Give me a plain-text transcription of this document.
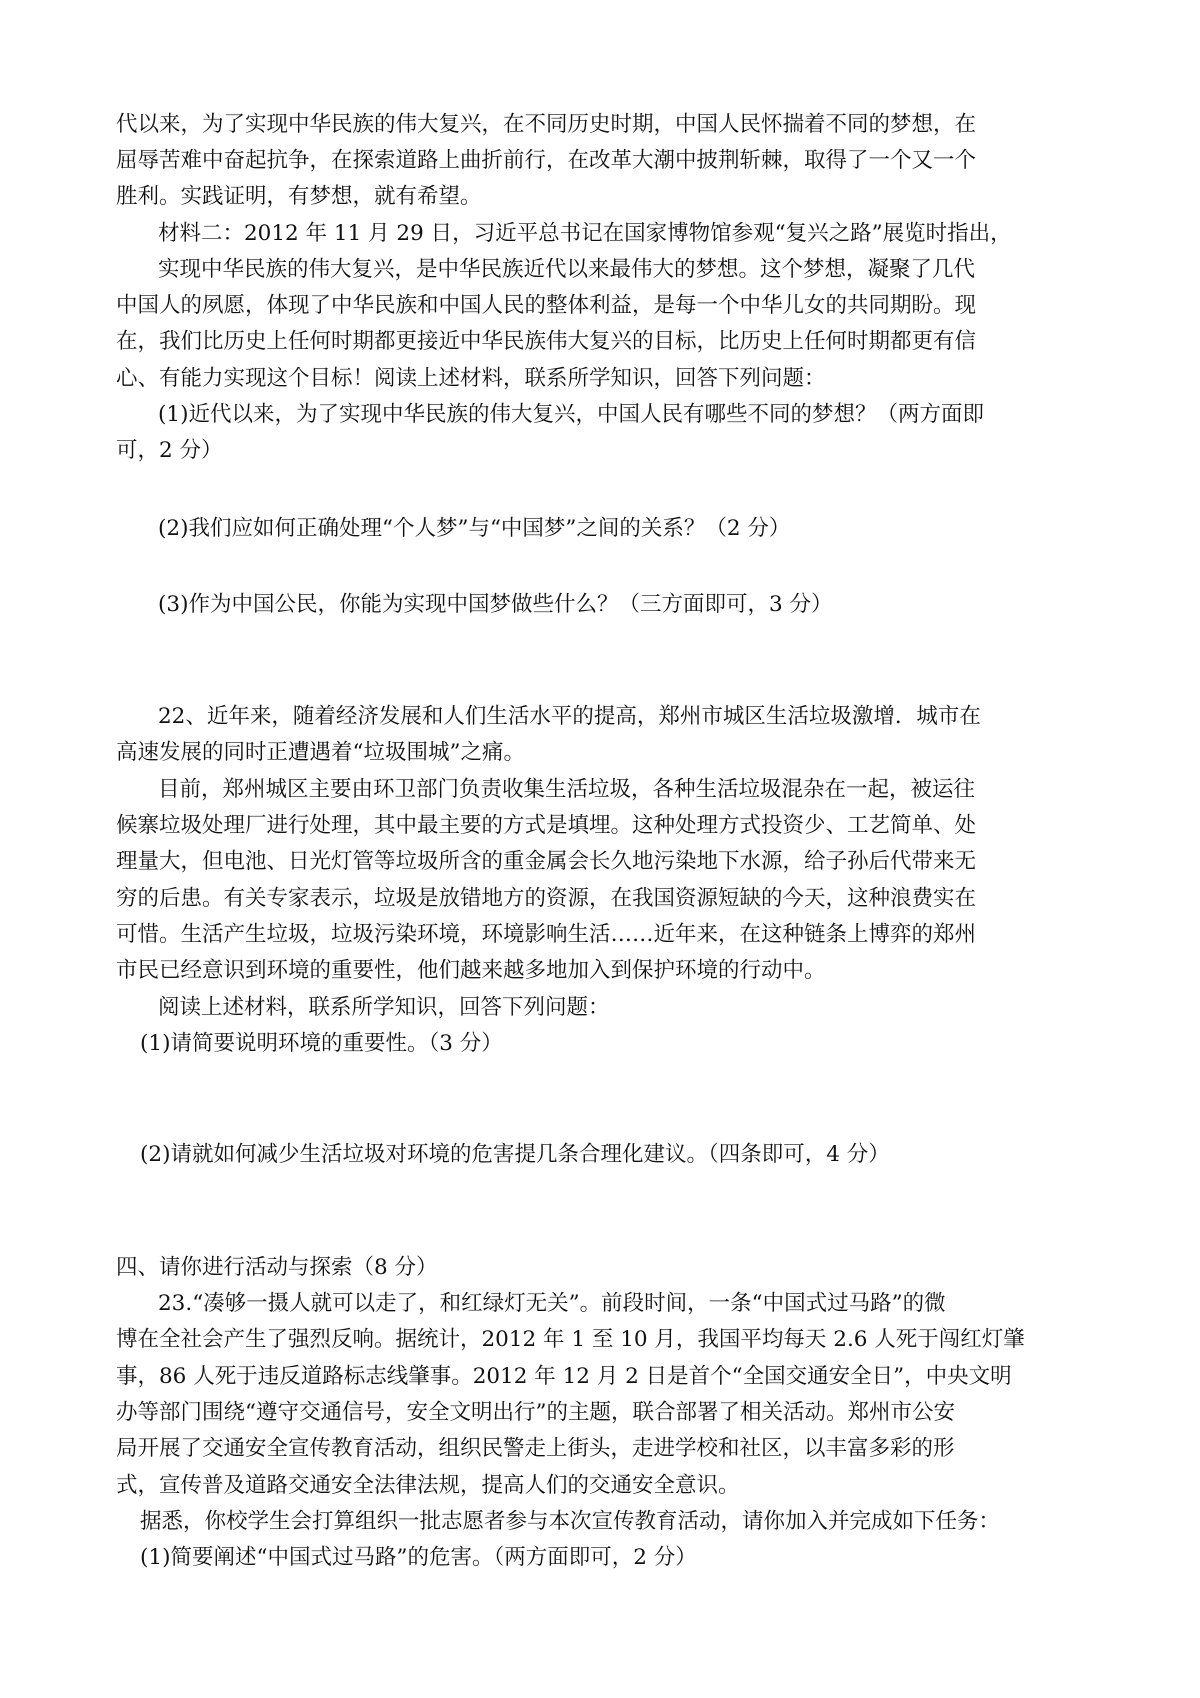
代以来，为了实现中华民族的伟大复兴，在不同历史时期，中国人民怀揣着不同的梦想，在

屈辱苦难中奋起抗争，在探索道路上曲折前行，在改革大潮中披荆斩棘，取得了一个又一个

胜利。实践证明，有梦想，就有希望。

材料二：2012 年 11 月 29 日，习近平总书记在国家博物馆参观“复兴之路”展览时指出，

实现中华民族的伟大复兴，是中华民族近代以来最伟大的梦想。这个梦想，凝聚了几代

中国人的夙愿，体现了中华民族和中国人民的整体利益，是每一个中华儿女的共同期盼。现

在，我们比历史上任何时期都更接近中华民族伟大复兴的目标，比历史上任何时期都更有信

心、有能力实现这个目标！阅读上述材料，联系所学知识，回答下列问题：

(1)近代以来，为了实现中华民族的伟大复兴，中国人民有哪些不同的梦想？（两方面即

可，2 分）

(2)我们应如何正确处理“个人梦”与“中国梦”之间的关系？（2 分）

(3)作为中国公民，你能为实现中国梦做些什么？（三方面即可，3 分）

22、近年来，随着经济发展和人们生活水平的提高，郑州市城区生活垃圾激增．城市在

高速发展的同时正遭遇着“垃圾围城”之痛。

目前，郑州城区主要由环卫部门负责收集生活垃圾，各种生活垃圾混杂在一起，被运往

候寨垃圾处理厂进行处理，其中最主要的方式是填埋。这种处理方式投资少、工艺简单、处

理量大，但电池、日光灯管等垃圾所含的重金属会长久地污染地下水源，给子孙后代带来无

穷的后患。有关专家表示，垃圾是放错地方的资源，在我国资源短缺的今天，这种浪费实在

可惜。生活产生垃圾，垃圾污染环境，环境影响生活……近年来，在这种链条上博弈的郑州

市民已经意识到环境的重要性，他们越来越多地加入到保护环境的行动中。

阅读上述材料，联系所学知识，回答下列问题：

(1)请简要说明环境的重要性。（3 分）

(2)请就如何减少生活垃圾对环境的危害提几条合理化建议。（四条即可，4 分）

四、请你进行活动与探索（8 分）

23.“凑够一摄人就可以走了，和红绿灯无关”。前段时间，一条“中国式过马路”的微

博在全社会产生了强烈反响。据统计，2012 年 1 至 10 月，我国平均每天 2.6 人死于闯红灯肇

事，86 人死于违反道路标志线肇事。2012 年 12 月 2 日是首个“全国交通安全日”，中央文明

办等部门围绕“遵守交通信号，安全文明出行”的主题，联合部署了相关活动。郑州市公安

局开展了交通安全宣传教育活动，组织民警走上街头，走进学校和社区，以丰富多彩的形

式，宣传普及道路交通安全法律法规，提高人们的交通安全意识。

据悉，你校学生会打算组织一批志愿者参与本次宣传教育活动，请你加入并完成如下任务：

(1)简要阐述“中国式过马路”的危害。（两方面即可，2 分）
